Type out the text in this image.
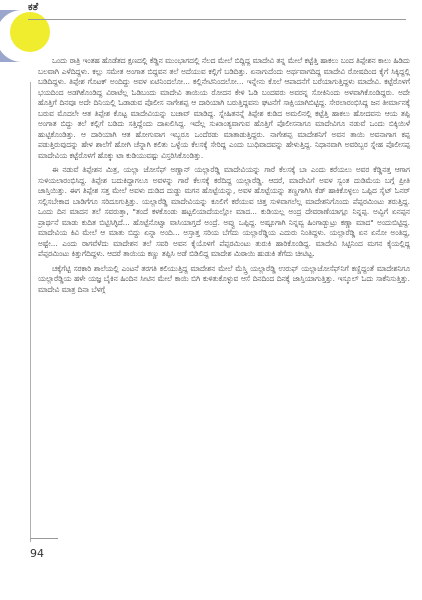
ಕತೆ

ಒಂದು ರಾತ್ರಿ ಇಂತಹ ಹೊಡೆತದ ಕ್ಷಣದಲ್ಲಿ ಕೆಡ್ಡಿನ ಮುಂಭಾಗದಲ್ಲಿ ನೆಲದ ಮೇಲೆ ಬಿದ್ದಿದ್ದ ಮಾದೇವಿ ತನ್ನ ಮೇಲೆ ಕಟ್ಟೆತ್ತಿ ಹಾಕಲು ಬಂದ ತಿಪ್ಪೇಶನ ಕಾಲು ಹಿಡಿದು ಬಲವಾಗಿ ಎಳೆದಿದ್ದಳು. ಕಲ್ಲು ಸಮೇತ ಅಂಗಾತ ಬಿದ್ದವನ ತಲೆ ಅದೆಯುವ ಕಲ್ಲಿಗೆ ಬಡಿದಿತ್ತು. ಏನಾಗುದೆಂದು ಅರ್ಥವಾಗದಿದ್ದ ಮಾದೇವಿ ರೋಷದಿಂದ ಕೈಗೆ ಸಿಕ್ಕಿದ್ದಲ್ಲಿ ಬಡಿದಿದ್ದಳು. ತಿಪ್ಪೇಶ ಗೊಟಕ್ ಅಂದಿದ್ದು ಅವಳ ಏಟಿನಿಂದಲೋ... ಕಲ್ಲಿನೇಟಿನಿಂದಲೋ... ಇನ್ನೇನು ಕೊಲೆ ಆಪಾದನೆಗೆ ಬರೆಯಾಗುತ್ತಿದ್ದಳು ಮಾದೇವಿ. ಕಟ್ಟೆರೊಳಗೆ ಭಯದಿಂದ ಅಡಗಿಕೊಂಡಿದ್ದ ವಿರಾಟೆಲ್ಲ ಓಡಿಬಂದು ಮಾದೇವಿ ತಾಯಿಯ ರೋದನ ಕೇಳಿ ಓಡಿ ಬಂದವರು ಅವರನ್ನ ಸೋಕಿನಿಂದು ಅಳವಾಗಿಕೊಂಡಿದ್ದರು. ಅದೇ ಹೊತ್ತಿಗೆ ದಿನವೂ ಅದೇ ದಿನಿಯಲ್ಲಿ ಓಡಾಡುವ ಪೊಲೀಸ ನಾಗೇಶಪ್ಪ ಆ ದಾರಿಯಾಗಿ ಬರುತ್ತಿದ್ದವನು ಘಟನೆಗೆ ಸಾಕ್ಷಿಯಾಗಿಬಿಟ್ಟಿದ್ದ. ಸೇರಲಾರಂಭಿಸಿದ್ದ ಜನ ತೀರ್ಮಾನಕ್ಕೆ ಬರುವ ಮೊದಲೇ ಆತ ತಿಪ್ಪೇಶ ಕೊಟ್ಟ ಮಾದೇವಿಯನ್ನು ಬಚಾವ್ ಮಾಡಿದ್ದ. ಸ್ನೇಹಿತನನ್ನೆ ತಿಪ್ಪೇಶ ಕುಡಿದ ಅಮಲಿನಲ್ಲಿ ಕಟ್ಟೆತ್ತಿ ಹಾಕಲು ಹೋದವನು ಆಯ ತಪ್ಪಿ ಅಂಗಾತ ಬಿದ್ದು ತಲೆ ಕಲ್ಲಿಗೆ ಬಡಿದು ಸತ್ತಿದ್ದೆಂದು ದಾಖಲಿಸಿದ್ದ. ಇದೆಲ್ಲ ಸುಖಾಂತ್ಯವಾಗುವ ಹೊತ್ತಿಗೆ ಪೊಲೀಸನಾಗೂ ಮಾದೇವಿಗೂ ನಡುವೆ ಒಂದು ಬಿಕ್ಕಿಯಿಳೆ ಹುಟ್ಟಿಕೊಂಡಿತ್ತು. ಆ ದಾರಿಯಾಗಿ ಆತ ಹೋಗುವಾಗ ಇಬ್ಬರೂ ಒಂದೆರಡು ಮಾತಾಡುತ್ತಿದ್ದರು. ನಾಗೇಶಪ್ಪ ಮಾದೇಶನಿಗೆ ಅವನ ತಾಯಿ ಅವನಾಗಾಗ ಕಪ್ಪ ಪಡುತ್ತಿರುವುದನ್ನು ಹೇಳ ಶಾಲೆಗೆ ಹೋಗಿ ಚೆನ್ನಾಗಿ ಕಲಿತು ಒಳ್ಳೆಯ ಕೆಲಸಕ್ಕೆ ಸೇರಿದ್ದ ಎಂದು ಬುಧಿವಾದವನ್ನು ಹೇಳುತ್ತಿದ್ದ. ನಿಧಾನವಾಗಿ ಅವರಿಬ್ಬರ ಸ್ನೇಹ ಪೊಲೀಸಪ್ಪ ಮಾದೇವಿಯ ಕಟ್ಟೆರೊಳಗೆ ಹೊಕ್ಕು ಟಾ ಕುಡಿಯುವಷ್ಟು ವಿಸ್ತರಿಸಿಕೊಂಡಿತ್ತು.

ಈ ನಡುವೆ ತಿಪ್ಪೇಶನ ಮಿತ್ರ, ಯಲ್ಲಾ ಜೋಸೆಫ್ ಅಣ್ಣಾನ್ ಯಲ್ಲಾರೆಡ್ಡಿ ಮಾದೇವಿಯನ್ನು ಗಾರೆ ಕೆಲಸಕ್ಕೆ ಬಾ ಎಂದು ಕರೆಯಲು ಅವರ ಕೆಡ್ಡಿನತ್ತ ಆಗಾಗ ಸುಳಿಯಲಾರಂಭಿಸಿದ್ದ. ತಿಪ್ಪೇಶ ಬದುಕಿದ್ದಾಗಲೂ ಅವಳನ್ನು ಗಾರೆ ಕೆಲಸಕ್ಕೆ ಕರೆದಿದ್ದ ಯಲ್ಲಾರೆಡ್ಡಿ. ಆದರೆ, ಮಾದೇವಿಗೆ ಅವಳ ಸ್ವಂತ ದುಡಿಮೆಯ ಬಗ್ಗೆ ಪ್ರೀತಿ ಜಾಸ್ತಿಯಿತ್ತು. ಈಗ ತಿಪ್ಪೇಶ ಸತ್ತ ಮೇಲೆ ಅವಳು ದುಡಿದ ದುಡ್ಡು ಮಗನ ಹೊಟ್ಟೆಯನ್ನು, ಅವಳ ಹೊಟ್ಟೆಯನ್ನು ತಣ್ಣಗಾಗಿಸಿ ಕೆಡ್ ಹಾಕಿಕೊಳ್ಳಲು ಒಪ್ಪಿದ ಸೈಟ್ ಓನರ್ ಸಲ್ಲಿಸಬೇಕಾದ ಬಾಡಿಗೆಗೂ ಸರಿದೂಗುತ್ತಿತ್ತು. ಯಲ್ಲಾರೆಡ್ಡಿ ಮಾದೇವಿಯನ್ನು ಕೂಲಿಗೆ ಕರೆಯುವ ಚಿತ್ತ ಸುಳಿವಾಗಲೆಲ್ಲ ಮಾದೇಶನಿಗೊಂದು ಪೆಪ್ಪರಮಿಂಟು ತರುತ್ತಿದ್ದ. ಒಂದು ದಿನ ಮಾದನ ತಲೆ ಸವರುತ್ತಾ, "ತಂದೆ ಕಳಕೊಂಡು ಹಟ್ಟಲಿಯಾದೆಯಲ್ಲೋ ಮಾದ... ಕುಡಿಯಲ್ಲ ಅಂದ್ರ ದೇವರಾಣೆಯಾಗ್ಲೂ ನಿನ್ನಪ್ಪ. ಅವ್ವಿಗೆ ಏನಪ್ಪನ ಪ್ರಾರ್ಥನೆ ಮಾಡು ಕುದಿತ ಬಿಟ್ಟಿಸಿಗ್ಳಿದೆ... ಹೊಟ್ಟೆನೊಟ್ವಾ ವಾಸಿಯಾಗ್ತದೆ ಅಂದ್ರೆ. ಅವ್ವು ಒಪ್ಪಿದ್ದ. ಅಷ್ಟೂಗಾಗಿ ನಿನ್ನವ್ವ ಹಿಂಗಾಡ್ಬುಟ್ರು ಕಣ್ಣಾ ಮಾದ" ಅಂದುಬಿಟ್ಟಿದ್ದ. ಮಾದೇವಿಯ ಕಿವಿ ಮೇಲೆ ಆ ಮಾತು ಬಿದ್ದು ಏನ್ನಾ ಅಂದಿ... ಅಸ್ತಾತ್ತ ಸರಿಯ ಬೆಗೆದು ಯಲ್ಲಾರೆಡ್ಡಿಯ ಎದುರು ನಿಂತಿದ್ದಳು. ಯಲ್ಲಾರೆಡ್ಡಿ ಏನ ಏನೋ ಅಂತಿದ್ದ, ಅಷ್ಟೇ... ಎಂದು ರಾಗವೆಳೆದು ಮಾದೇಶನ ತಲೆ ಸವರಿ ಅವನ ಕೈಯೊಳಗೆ ಪೆಪ್ಪರಮಿಂಟು ತುರುಕಿ ಹಾರಿಕೊಂಡಿದ್ದ. ಮಾದೇವಿ ಸಿಟ್ಟಿನಿಂದ ಮಗನ ಕೈಯಲ್ಲಿದ್ದ ಪೆಪ್ಪರಮಿಂಟು ಕಿತ್ತುಗೆದಿದ್ದಳು. ಆದರೆ ತಾಯಿಯ ಕಣ್ಣು ತಪ್ಪಿಸಿ ಅಡೆ ಬಿಡಿಲಿದ್ದ ಮಾದೇಶ ಮಿಠಾಯಿ ಹುಡುಕಿ ತೆಗೆದು ಚೀಟಿಟ್ಟ.

ಚಕ್ಕೆಗೆಟ್ಟಿ ಸರಕಾರಿ ಶಾಲೆಯಲ್ಲಿ ಎಂಟನೆ ತರಗತಿ ಕಲಿಯುತ್ತಿದ್ದ ಮಾದೇಶನ ಮೇಲೆ ಮೆಸ್ತ್ರಿ ಯಲ್ಲಾರೆಡ್ಡಿ ಉರುಫ್ ಯಲ್ಲಾಜೋಸೆಫ್‌ನಿಗೆ ಕಣ್ಣಿದ್ದಂತೆ ಮಾದೇಶನಿಗೂ ಯಲ್ಲಾರೆಡ್ಡಿಯ ಹಳೇ ಯಜ್ಞ ಬೈಕಿನ ಹಿಂದಿನ ಸೀಟಿನ ಮೇಲೆ ಕಾಯಿ ಬಿಗಿ ಕುಳಿತುಕೊಳ್ಳುವ ಆಸೆ ದಿನದಿಂದ ದಿನಕ್ಕೆ ಜಾಸ್ತಿಯಾಗುತ್ತಿತ್ತು. ಇಸ್ಕೂಲ್ ಓದು ಸಾಕೆನಿಸುತ್ತಿತ್ತು. ಮಾದೇವಿ ಮಾತ್ರ ದಿನಾ ಬೆಳಗ್ಗೆ

94
